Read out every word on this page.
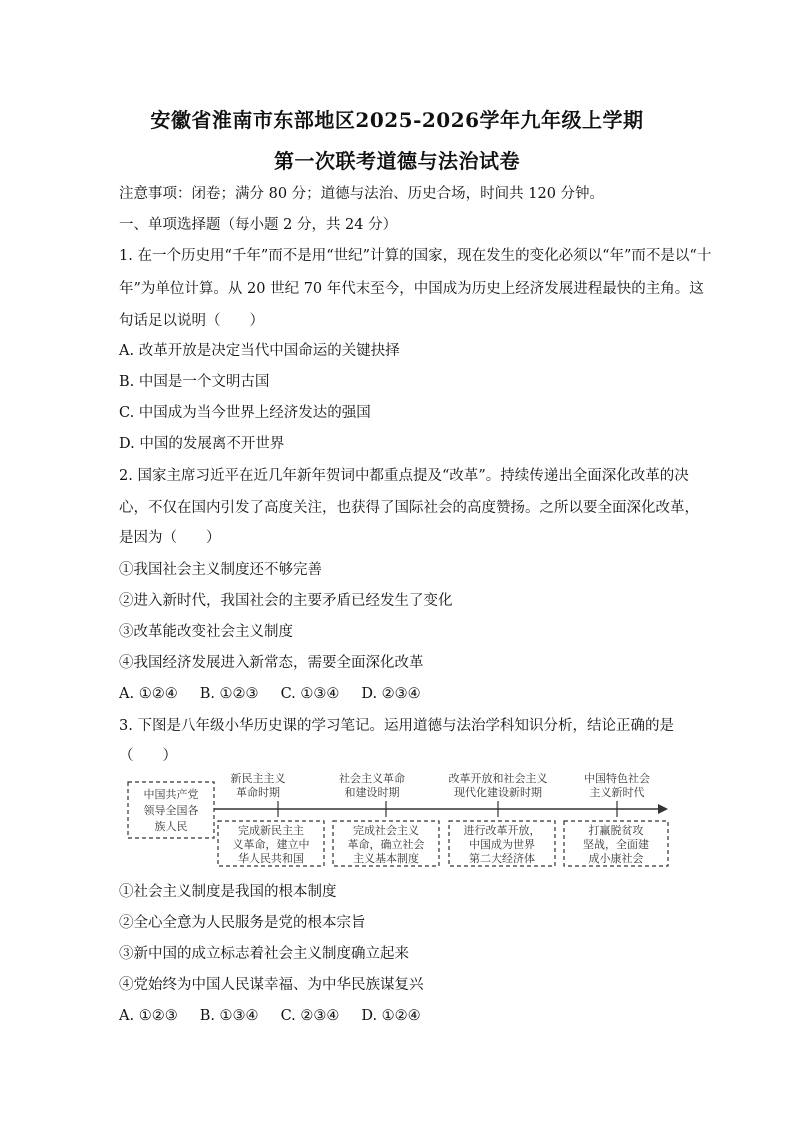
安徽省淮南市东部地区2025-2026学年九年级上学期
第一次联考道德与法治试卷
注意事项：闭卷；满分 80 分；道德与法治、历史合场，时间共 120 分钟。
一、单项选择题（每小题 2 分，共 24 分）
1. 在一个历史用“千年”而不是用“世纪”计算的国家，现在发生的变化必须以“年”而不是以“十
年”为单位计算。从 20 世纪 70 年代末至今，中国成为历史上经济发展进程最快的主角。这
句话足以说明（　　）
A. 改革开放是决定当代中国命运的关键抉择
B. 中国是一个文明古国
C. 中国成为当今世界上经济发达的强国
D. 中国的发展离不开世界
2. 国家主席习近平在近几年新年贺词中都重点提及“改革”。持续传递出全面深化改革的决
心，不仅在国内引发了高度关注，也获得了国际社会的高度赞扬。之所以要全面深化改革，
是因为（　　）
①我国社会主义制度还不够完善
②进入新时代，我国社会的主要矛盾已经发生了变化
③改革能改变社会主义制度
④我国经济发展进入新常态，需要全面深化改革
A. ①②④ B. ①②③ C. ①③④ D. ②③④
3. 下图是八年级小华历史课的学习笔记。运用道德与法治学科知识分析，结论正确的是
（　　）
中国共产党
领导全国各
族人民
新民主主义
革命时期
社会主义革命
和建设时期
改革开放和社会主义
现代化建设新时期
中国特色社会
主义新时代
完成新民主主
义革命，建立中
华人民共和国
完成社会主义
革命，确立社会
主义基本制度
进行改革开放，
中国成为世界
第二大经济体
打赢脱贫攻
坚战，全面建
成小康社会
①社会主义制度是我国的根本制度
②全心全意为人民服务是党的根本宗旨
③新中国的成立标志着社会主义制度确立起来
④党始终为中国人民谋幸福、为中华民族谋复兴
A. ①②③ B. ①③④ C. ②③④ D. ①②④
